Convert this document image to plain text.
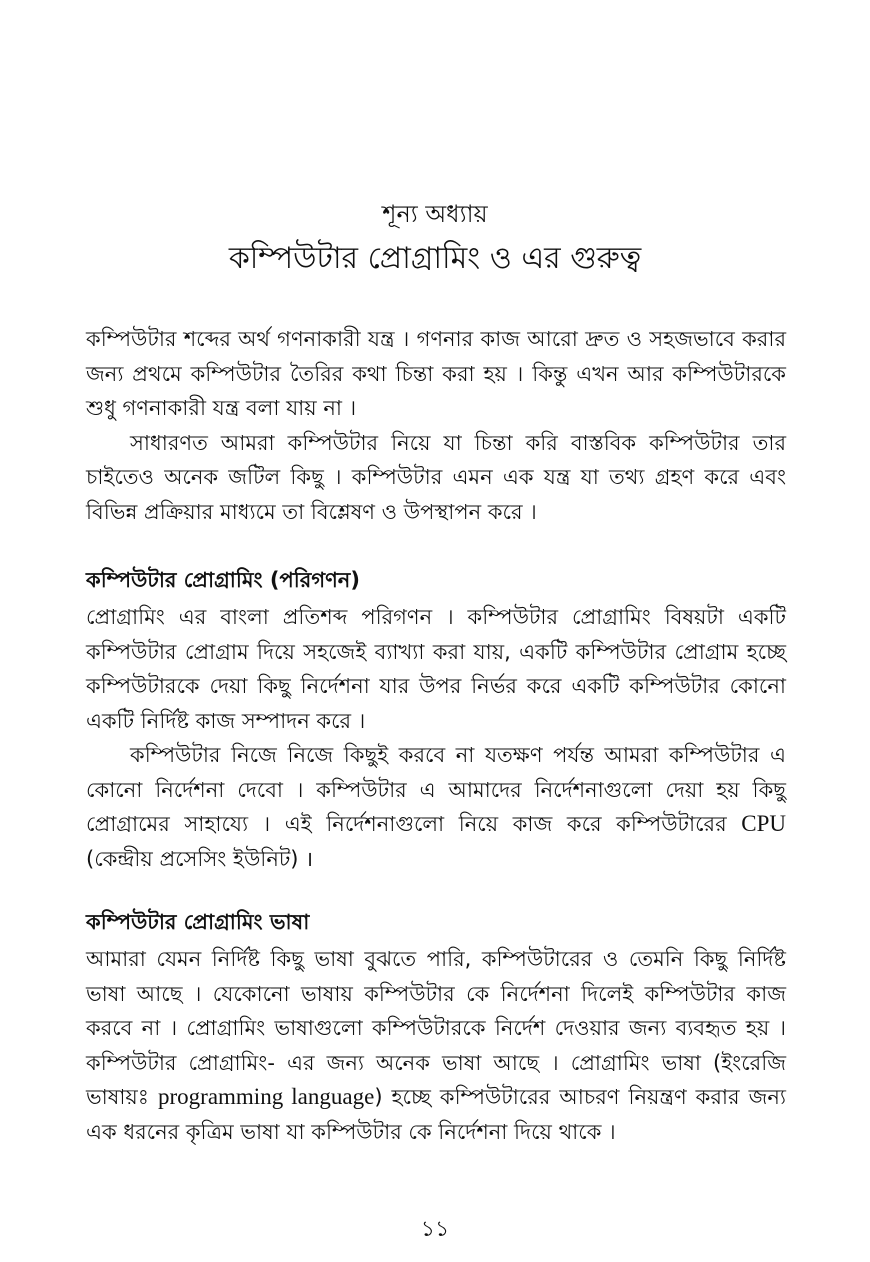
শূন্য অধ্যায়
কম্পিউটার প্রোগ্রামিং ও এর গুরুত্ব

কম্পিউটার শব্দের অর্থ গণনাকারী যন্ত্র । গণনার কাজ আরো দ্রুত ও সহজভাবে করার জন্য প্রথমে কম্পিউটার তৈরির কথা চিন্তা করা হয় । কিন্তু এখন আর কম্পিউটারকে শুধু গণনাকারী যন্ত্র বলা যায় না ।

সাধারণত আমরা কম্পিউটার নিয়ে যা চিন্তা করি বাস্তবিক কম্পিউটার তার চাইতেও অনেক জটিল কিছু । কম্পিউটার এমন এক যন্ত্র যা তথ্য গ্রহণ করে এবং বিভিন্ন প্রক্রিয়ার মাধ্যমে তা বিশ্লেষণ ও উপস্থাপন করে ।

কম্পিউটার প্রোগ্রামিং (পরিগণন)

প্রোগ্রামিং এর বাংলা প্রতিশব্দ পরিগণন । কম্পিউটার প্রোগ্রামিং বিষয়টা একটি কম্পিউটার প্রোগ্রাম দিয়ে সহজেই ব্যাখ্যা করা যায়, একটি কম্পিউটার প্রোগ্রাম হচ্ছে কম্পিউটারকে দেয়া কিছু নির্দেশনা যার উপর নির্ভর করে একটি কম্পিউটার কোনো একটি নির্দিষ্ট কাজ সম্পাদন করে ।

কম্পিউটার নিজে নিজে কিছুই করবে না যতক্ষণ পর্যন্ত আমরা কম্পিউটার এ কোনো নির্দেশনা দেবো । কম্পিউটার এ আমাদের নির্দেশনাগুলো দেয়া হয় কিছু প্রোগ্রামের সাহায্যে । এই নির্দেশনাগুলো নিয়ে কাজ করে কম্পিউটারের CPU (কেন্দ্রীয় প্রসেসিং ইউনিট) ।

কম্পিউটার প্রোগ্রামিং ভাষা

আমারা যেমন নির্দিষ্ট কিছু ভাষা বুঝতে পারি, কম্পিউটারের ও তেমনি কিছু নির্দিষ্ট ভাষা আছে । যেকোনো ভাষায় কম্পিউটার কে নির্দেশনা দিলেই কম্পিউটার কাজ করবে না । প্রোগ্রামিং ভাষাগুলো কম্পিউটারকে নির্দেশ দেওয়ার জন্য ব্যবহৃত হয় । কম্পিউটার প্রোগ্রামিং- এর জন্য অনেক ভাষা আছে । প্রোগ্রামিং ভাষা (ইংরেজি ভাষায়ঃ programming language) হচ্ছে কম্পিউটারের আচরণ নিয়ন্ত্রণ করার জন্য এক ধরনের কৃত্রিম ভাষা যা কম্পিউটার কে নির্দেশনা দিয়ে থাকে ।

১১
